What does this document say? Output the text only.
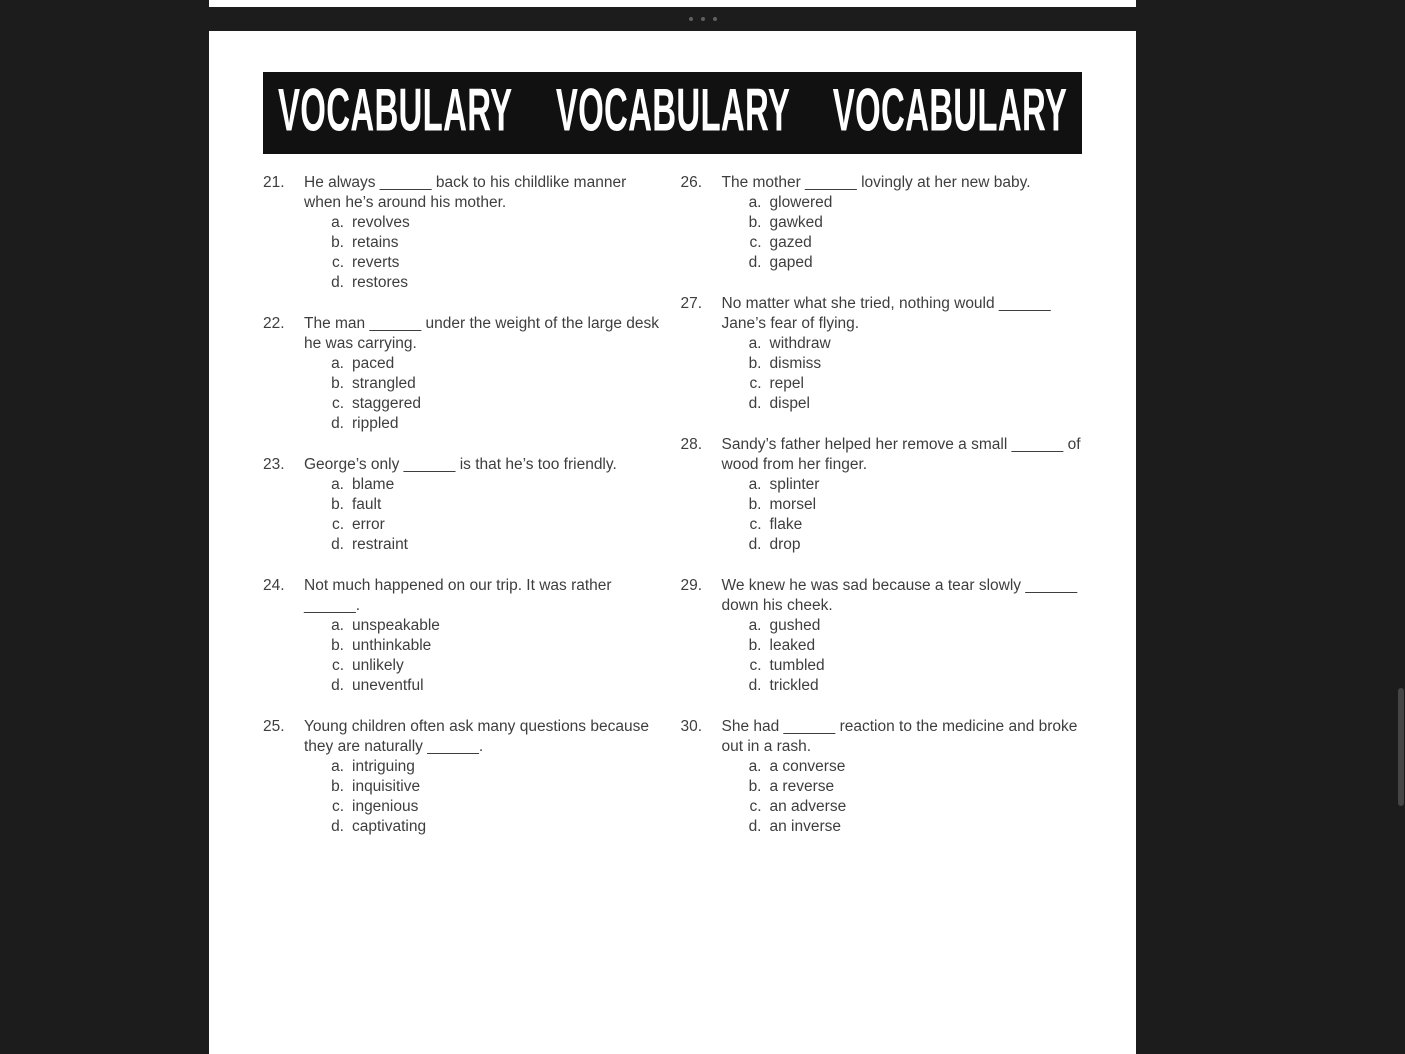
VOCABULARY VOCABULARY VOCABULARY
21.	He always ______ back to his childlike manner when he’s around his mother.
a. revolves
b. retains
c. reverts
d. restores
22.	The man ______ under the weight of the large desk he was carrying.
a. paced
b. strangled
c. staggered
d. rippled
23.	George’s only ______ is that he’s too friendly.
a. blame
b. fault
c. error
d. restraint
24.	Not much happened on our trip. It was rather ______.
a. unspeakable
b. unthinkable
c. unlikely
d. uneventful
25.	Young children often ask many questions because they are naturally ______.
a. intriguing
b. inquisitive
c. ingenious
d. captivating
26.	The mother ______ lovingly at her new baby.
a. glowered
b. gawked
c. gazed
d. gaped
27.	No matter what she tried, nothing would ______ Jane’s fear of flying.
a. withdraw
b. dismiss
c. repel
d. dispel
28.	Sandy’s father helped her remove a small ______ of wood from her finger.
a. splinter
b. morsel
c. flake
d. drop
29.	We knew he was sad because a tear slowly ______ down his cheek.
a. gushed
b. leaked
c. tumbled
d. trickled
30.	She had ______ reaction to the medicine and broke out in a rash.
a. a converse
b. a reverse
c. an adverse
d. an inverse
